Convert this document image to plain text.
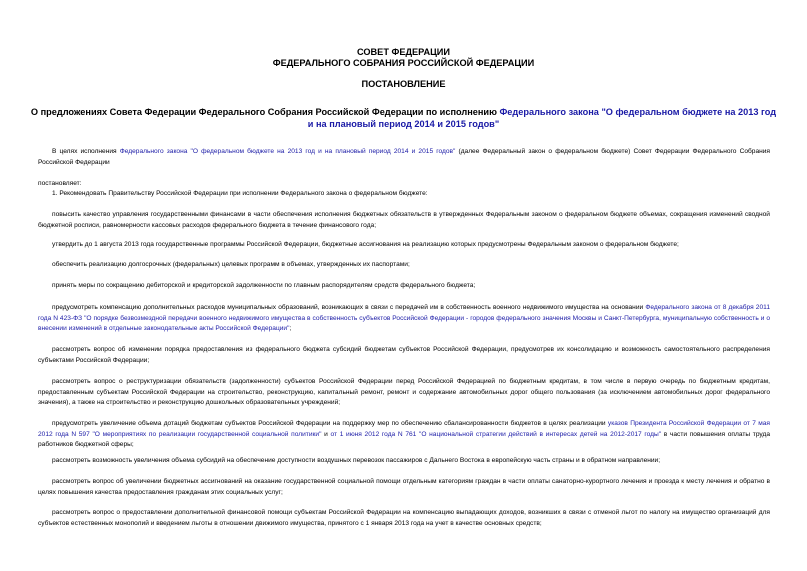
СОВЕТ ФЕДЕРАЦИИ
ФЕДЕРАЛЬНОГО СОБРАНИЯ РОССИЙСКОЙ ФЕДЕРАЦИИ
ПОСТАНОВЛЕНИЕ
О предложениях Совета Федерации Федерального Собрания Российской Федерации по исполнению Федерального закона "О федеральном бюджете на 2013 год и на плановый период 2014 и 2015 годов"
В целях исполнения Федерального закона "О федеральном бюджете на 2013 год и на плановый период 2014 и 2015 годов" (далее Федеральный закон о федеральном бюджете) Совет Федерации Федерального Собрания Российской Федерации
постановляет:
1. Рекомендовать Правительству Российской Федерации при исполнении Федерального закона о федеральном бюджете:
повысить качество управления государственными финансами в части обеспечения исполнения бюджетных обязательств в утвержденных Федеральным законом о федеральном бюджете объемах, сокращения изменений сводной бюджетной росписи, равномерности кассовых расходов федерального бюджета в течение финансового года;
утвердить до 1 августа 2013 года государственные программы Российской Федерации, бюджетные ассигнования на реализацию которых предусмотрены Федеральным законом о федеральном бюджете;
обеспечить реализацию долгосрочных (федеральных) целевых программ в объемах, утвержденных их паспортами;
принять меры по сокращению дебиторской и кредиторской задолженности по главным распорядителям средств федерального бюджета;
предусмотреть компенсацию дополнительных расходов муниципальных образований, возникающих в связи с передачей им в собственность военного недвижимого имущества на основании Федерального закона от 8 декабря 2011 года N 423-ФЗ "О порядке безвозмездной передачи военного недвижимого имущества в собственность субъектов Российской Федерации - городов федерального значения Москвы и Санкт-Петербурга, муниципальную собственность и о внесении изменений в отдельные законодательные акты Российской Федерации";
рассмотреть вопрос об изменении порядка предоставления из федерального бюджета субсидий бюджетам субъектов Российской Федерации, предусмотрев их консолидацию и возможность самостоятельного распределения субъектами Российской Федерации;
рассмотреть вопрос о реструктуризации обязательств (задолженности) субъектов Российской Федерации перед Российской Федерацией по бюджетным кредитам, в том числе в первую очередь по бюджетным кредитам, предоставленным субъектам Российской Федерации на строительство, реконструкцию, капитальный ремонт, ремонт и содержание автомобильных дорог общего пользования (за исключением автомобильных дорог федерального значения), а также на строительство и реконструкцию дошкольных образовательных учреждений;
предусмотреть увеличение объема дотаций бюджетам субъектов Российской Федерации на поддержку мер по обеспечению сбалансированности бюджетов в целях реализации указов Президента Российской Федерации от 7 мая 2012 года N 597 "О мероприятиях по реализации государственной социальной политики" и от 1 июня 2012 года N 761 "О национальной стратегии действий в интересах детей на 2012-2017 годы" в части повышения оплаты труда работников бюджетной сферы;
рассмотреть возможность увеличения объема субсидий на обеспечение доступности воздушных перевозок пассажиров с Дальнего Востока в европейскую часть страны и в обратном направлении;
рассмотреть вопрос об увеличении бюджетных ассигнований на оказание государственной социальной помощи отдельным категориям граждан в части оплаты санаторно-курортного лечения и проезда к месту лечения и обратно в целях повышения качества предоставления гражданам этих социальных услуг;
рассмотреть вопрос о предоставлении дополнительной финансовой помощи субъектам Российской Федерации на компенсацию выпадающих доходов, возникших в связи с отменой льгот по налогу на имущество организаций для субъектов естественных монополий и введением льготы в отношении движимого имущества, принятого с 1 января 2013 года на учет в качестве основных средств;
